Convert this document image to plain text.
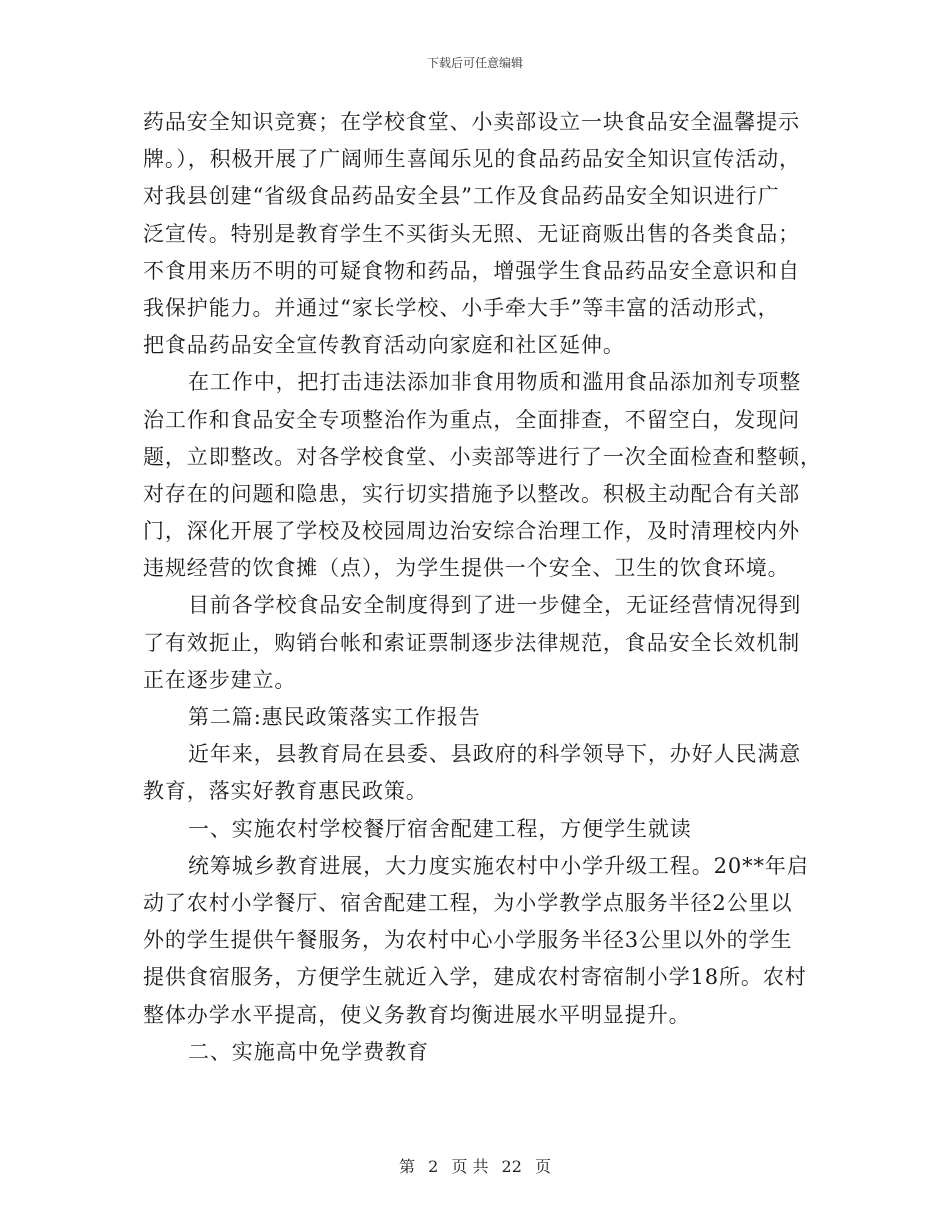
下载后可任意编辑
药品安全知识竞赛；在学校食堂、小卖部设立一块食品安全温馨提示
牌。），积极开展了广阔师生喜闻乐见的食品药品安全知识宣传活动，
对我县创建“省级食品药品安全县”工作及食品药品安全知识进行广
泛宣传。特别是教育学生不买街头无照、无证商贩出售的各类食品；
不食用来历不明的可疑食物和药品，增强学生食品药品安全意识和自
我保护能力。并通过“家长学校、小手牵大手”等丰富的活动形式，
把食品药品安全宣传教育活动向家庭和社区延伸。
在工作中，把打击违法添加非食用物质和滥用食品添加剂专项整
治工作和食品安全专项整治作为重点，全面排查，不留空白，发现问
题，立即整改。对各学校食堂、小卖部等进行了一次全面检查和整顿，
对存在的问题和隐患，实行切实措施予以整改。积极主动配合有关部
门，深化开展了学校及校园周边治安综合治理工作，及时清理校内外
违规经营的饮食摊（点），为学生提供一个安全、卫生的饮食环境。
目前各学校食品安全制度得到了进一步健全，无证经营情况得到
了有效扼止，购销台帐和索证票制逐步法律规范，食品安全长效机制
正在逐步建立。
第二篇:惠民政策落实工作报告
近年来，县教育局在县委、县政府的科学领导下，办好人民满意
教育，落实好教育惠民政策。
一、实施农村学校餐厅宿舍配建工程，方便学生就读
统筹城乡教育进展，大力度实施农村中小学升级工程。20**年启
动了农村小学餐厅、宿舍配建工程，为小学教学点服务半径2公里以
外的学生提供午餐服务，为农村中心小学服务半径3公里以外的学生
提供食宿服务，方便学生就近入学，建成农村寄宿制小学18所。农村
整体办学水平提高，使义务教育均衡进展水平明显提升。
二、实施高中免学费教育
第 2 页 共 22 页
